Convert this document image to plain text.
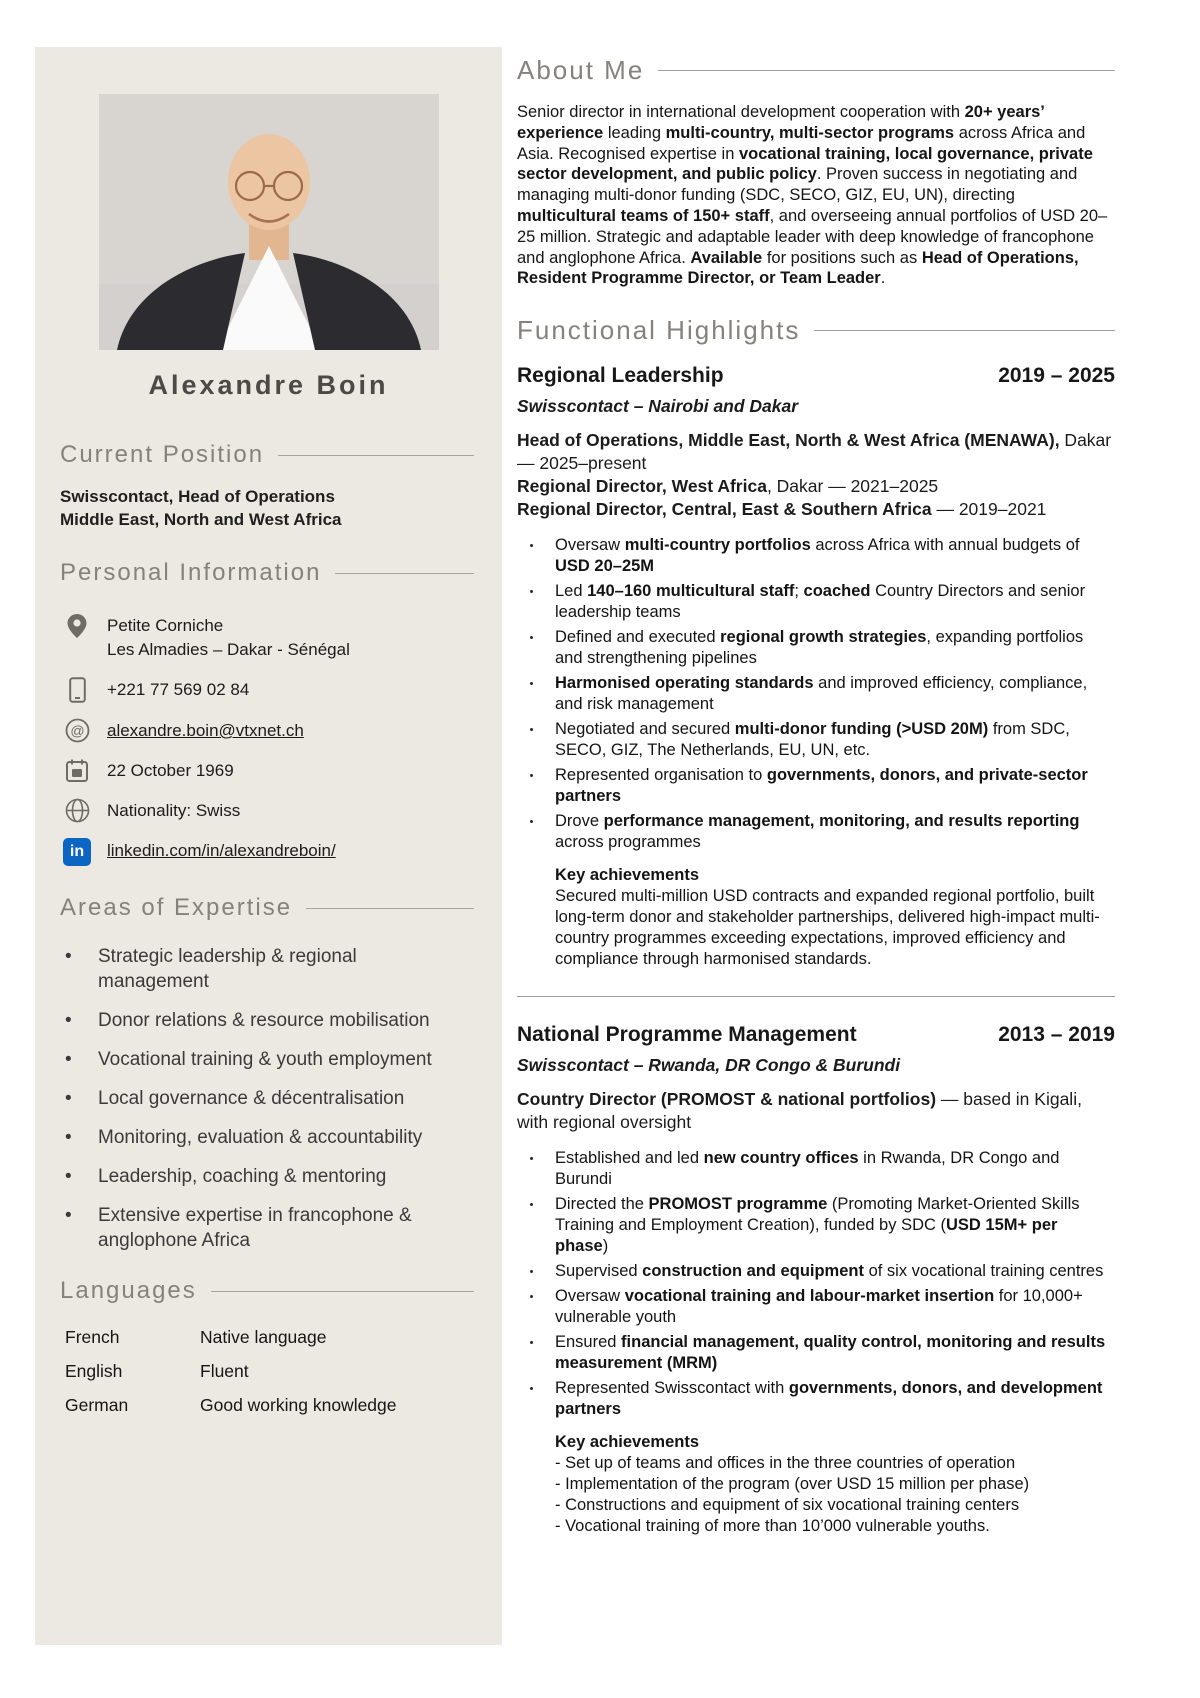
Alexandre Boin
Current Position

Swisscontact, Head of Operations
Middle East, North and West Africa

Personal Information
Petite Corniche
Les Almadies – Dakar - Sénégal
+221 77 569 02 84
@ alexandre.boin@vtxnet.ch
22 October 1969
Nationality: Swiss
in	linkedin.com/in/alexandreboin/
Areas of Expertise
• Strategic leadership & regional management
• Donor relations & resource mobilisation
• Vocational training & youth employment
• Local governance & décentralisation
• Monitoring, evaluation & accountability
• Leadership, coaching & mentoring
• Extensive expertise in francophone & anglophone Africa
Languages
French	Native language
English	Fluent
German	Good working knowledge
About Me

Senior director in international development cooperation with 20+ years’ experience leading multi-country, multi-sector programs across Africa and Asia. Recognised expertise in vocational training, local governance, private sector development, and public policy. Proven success in negotiating and managing multi-donor funding (SDC, SECO, GIZ, EU, UN), directing multicultural teams of 150+ staff, and overseeing annual portfolios of USD 20–25 million. Strategic and adaptable leader with deep knowledge of francophone and anglophone Africa. Available for positions such as Head of Operations, Resident Programme Director, or Team Leader.

Functional Highlights
Regional Leadership	2019 – 2025
Swisscontact – Nairobi and Dakar
Head of Operations, Middle East, North & West Africa (MENAWA), Dakar — 2025–present
Regional Director, West Africa, Dakar — 2021–2025
Regional Director, Central, East & Southern Africa — 2019–2021
Oversaw multi-country portfolios across Africa with annual budgets of USD 20–25M
Led 140–160 multicultural staff; coached Country Directors and senior leadership teams
Defined and executed regional growth strategies, expanding portfolios and strengthening pipelines
Harmonised operating standards and improved efficiency, compliance, and risk management
Negotiated and secured multi-donor funding (>USD 20M) from SDC, SECO, GIZ, The Netherlands, EU, UN, etc.
Represented organisation to governments, donors, and private-sector partners
Drove performance management, monitoring, and results reporting across programmes
Key achievements
Secured multi-million USD contracts and expanded regional portfolio, built long-term donor and stakeholder partnerships, delivered high-impact multi-country programmes exceeding expectations, improved efficiency and compliance through harmonised standards.
National Programme Management	2013 – 2019
Swisscontact – Rwanda, DR Congo & Burundi
Country Director (PROMOST & national portfolios) — based in Kigali, with regional oversight
Established and led new country offices in Rwanda, DR Congo and Burundi
Directed the PROMOST programme (Promoting Market-Oriented Skills Training and Employment Creation), funded by SDC (USD 15M+ per phase)
Supervised construction and equipment of six vocational training centres
Oversaw vocational training and labour-market insertion for 10,000+ vulnerable youth
Ensured financial management, quality control, monitoring and results measurement (MRM)
Represented Swisscontact with governments, donors, and development partners
Key achievements
- Set up of teams and offices in the three countries of operation
- Implementation of the program (over USD 15 million per phase)
- Constructions and equipment of six vocational training centers
- Vocational training of more than 10’000 vulnerable youths.
